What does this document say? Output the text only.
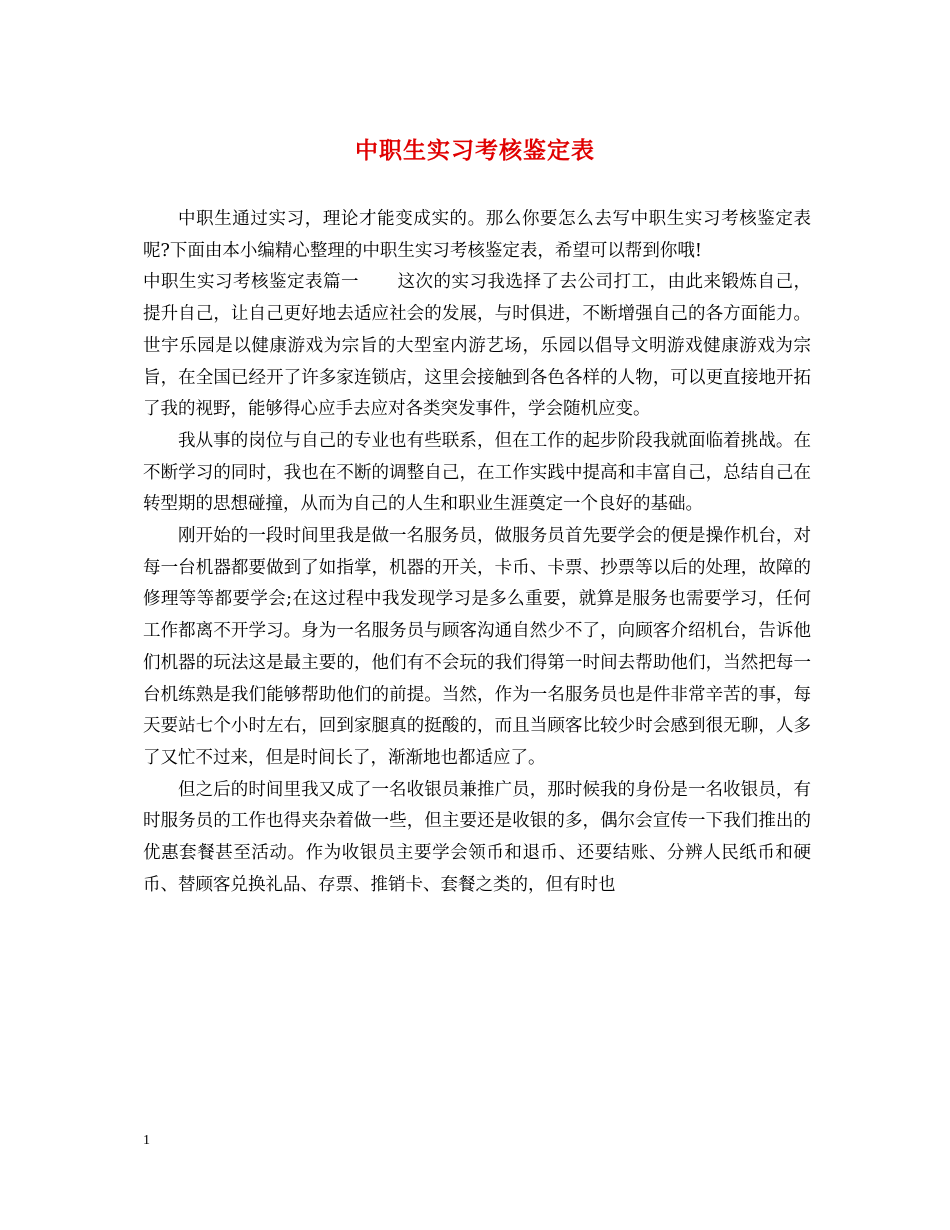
中职生实习考核鉴定表

中职生通过实习，理论才能变成实的。那么你要怎么去写中职生实习考核鉴定表呢?下面由本小编精心整理的中职生实习考核鉴定表，希望可以帮到你哦!

中职生实习考核鉴定表篇一 这次的实习我选择了去公司打工，由此来锻炼自己，提升自己，让自己更好地去适应社会的发展，与时俱进，不断增强自己的各方面能力。世宇乐园是以健康游戏为宗旨的大型室内游艺场，乐园以倡导文明游戏健康游戏为宗旨，在全国已经开了许多家连锁店，这里会接触到各色各样的人物，可以更直接地开拓了我的视野，能够得心应手去应对各类突发事件，学会随机应变。

我从事的岗位与自己的专业也有些联系，但在工作的起步阶段我就面临着挑战。在不断学习的同时，我也在不断的调整自己，在工作实践中提高和丰富自己，总结自己在转型期的思想碰撞，从而为自己的人生和职业生涯奠定一个良好的基础。

刚开始的一段时间里我是做一名服务员，做服务员首先要学会的便是操作机台，对每一台机器都要做到了如指掌，机器的开关，卡币、卡票、抄票等以后的处理，故障的修理等等都要学会;在这过程中我发现学习是多么重要，就算是服务也需要学习，任何工作都离不开学习。身为一名服务员与顾客沟通自然少不了，向顾客介绍机台，告诉他们机器的玩法这是最主要的，他们有不会玩的我们得第一时间去帮助他们，当然把每一台机练熟是我们能够帮助他们的前提。当然，作为一名服务员也是件非常辛苦的事，每天要站七个小时左右，回到家腿真的挺酸的，而且当顾客比较少时会感到很无聊，人多了又忙不过来，但是时间长了，渐渐地也都适应了。

但之后的时间里我又成了一名收银员兼推广员，那时候我的身份是一名收银员，有时服务员的工作也得夹杂着做一些，但主要还是收银的多，偶尔会宣传一下我们推出的优惠套餐甚至活动。作为收银员主要学会领币和退币、还要结账、分辨人民纸币和硬币、替顾客兑换礼品、存票、推销卡、套餐之类的，但有时也

1
